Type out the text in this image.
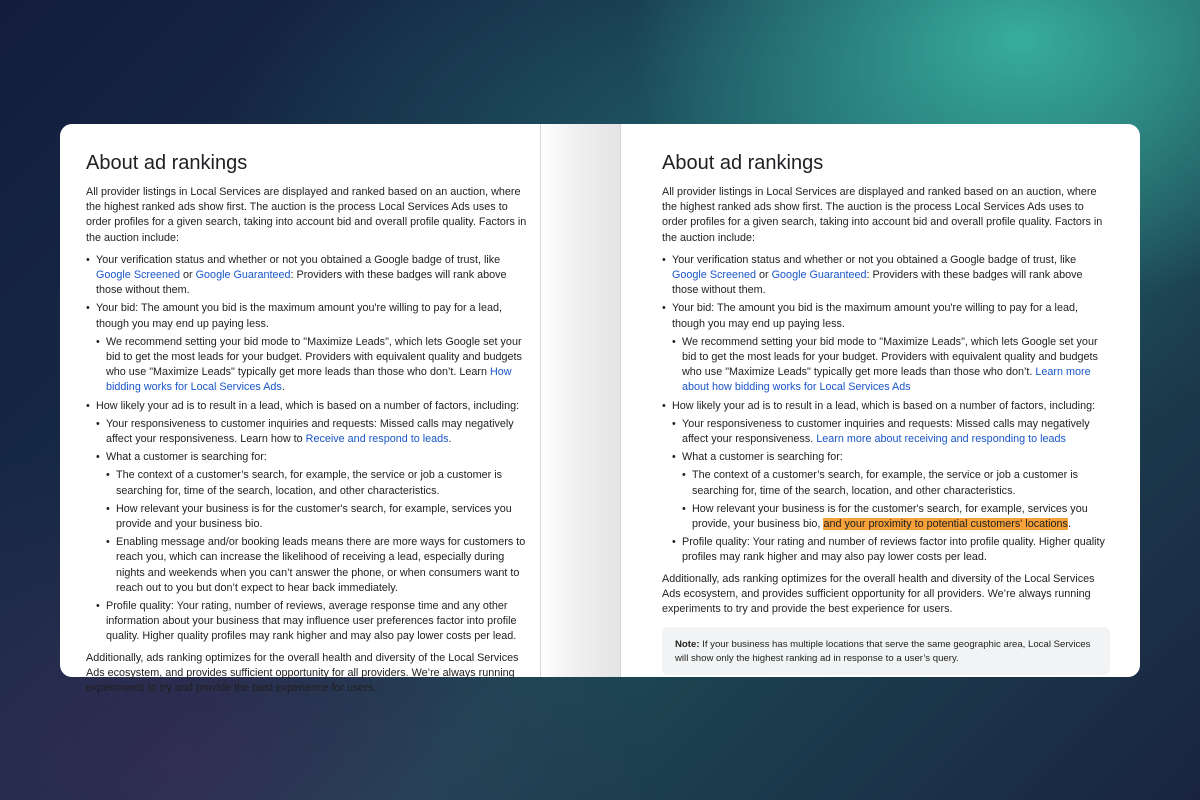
About ad rankings

All provider listings in Local Services are displayed and ranked based on an auction, where the highest ranked ads show first. The auction is the process Local Services Ads uses to order profiles for a given search, taking into account bid and overall profile quality. Factors in the auction include:

• Your verification status and whether or not you obtained a Google badge of trust, like Google Screened or Google Guaranteed: Providers with these badges will rank above those without them.
• Your bid: The amount you bid is the maximum amount you're willing to pay for a lead, though you may end up paying less.
• We recommend setting your bid mode to "Maximize Leads", which lets Google set your bid to get the most leads for your budget. Providers with equivalent quality and budgets who use "Maximize Leads" typically get more leads than those who don’t. Learn How bidding works for Local Services Ads.
• How likely your ad is to result in a lead, which is based on a number of factors, including:
• Your responsiveness to customer inquiries and requests: Missed calls may negatively affect your responsiveness. Learn how to Receive and respond to leads.
• What a customer is searching for:
• The context of a customer’s search, for example, the service or job a customer is searching for, time of the search, location, and other characteristics.
• How relevant your business is for the customer's search, for example, services you provide and your business bio.
• Enabling message and/or booking leads means there are more ways for customers to reach you, which can increase the likelihood of receiving a lead, especially during nights and weekends when you can’t answer the phone, or when consumers want to reach out to you but don’t expect to hear back immediately.
• Profile quality: Your rating, number of reviews, average response time and any other information about your business that may influence user preferences factor into profile quality. Higher quality profiles may rank higher and may also pay lower costs per lead.

Additionally, ads ranking optimizes for the overall health and diversity of the Local Services Ads ecosystem, and provides sufficient opportunity for all providers. We’re always running experiments to try and provide the best experience for users.

About ad rankings

All provider listings in Local Services are displayed and ranked based on an auction, where the highest ranked ads show first. The auction is the process Local Services Ads uses to order profiles for a given search, taking into account bid and overall profile quality. Factors in the auction include:

• Your verification status and whether or not you obtained a Google badge of trust, like Google Screened or Google Guaranteed: Providers with these badges will rank above those without them.
• Your bid: The amount you bid is the maximum amount you're willing to pay for a lead, though you may end up paying less.
• We recommend setting your bid mode to "Maximize Leads", which lets Google set your bid to get the most leads for your budget. Providers with equivalent quality and budgets who use "Maximize Leads" typically get more leads than those who don’t. Learn more about how bidding works for Local Services Ads
• How likely your ad is to result in a lead, which is based on a number of factors, including:
• Your responsiveness to customer inquiries and requests: Missed calls may negatively affect your responsiveness. Learn more about receiving and responding to leads
• What a customer is searching for:
• The context of a customer’s search, for example, the service or job a customer is searching for, time of the search, location, and other characteristics.
• How relevant your business is for the customer's search, for example, services you provide, your business bio, and your proximity to potential customers' locations.
• Profile quality: Your rating and number of reviews factor into profile quality. Higher quality profiles may rank higher and may also pay lower costs per lead.

Additionally, ads ranking optimizes for the overall health and diversity of the Local Services Ads ecosystem, and provides sufficient opportunity for all providers. We’re always running experiments to try and provide the best experience for users.

Note: If your business has multiple locations that serve the same geographic area, Local Services will show only the highest ranking ad in response to a user’s query.
